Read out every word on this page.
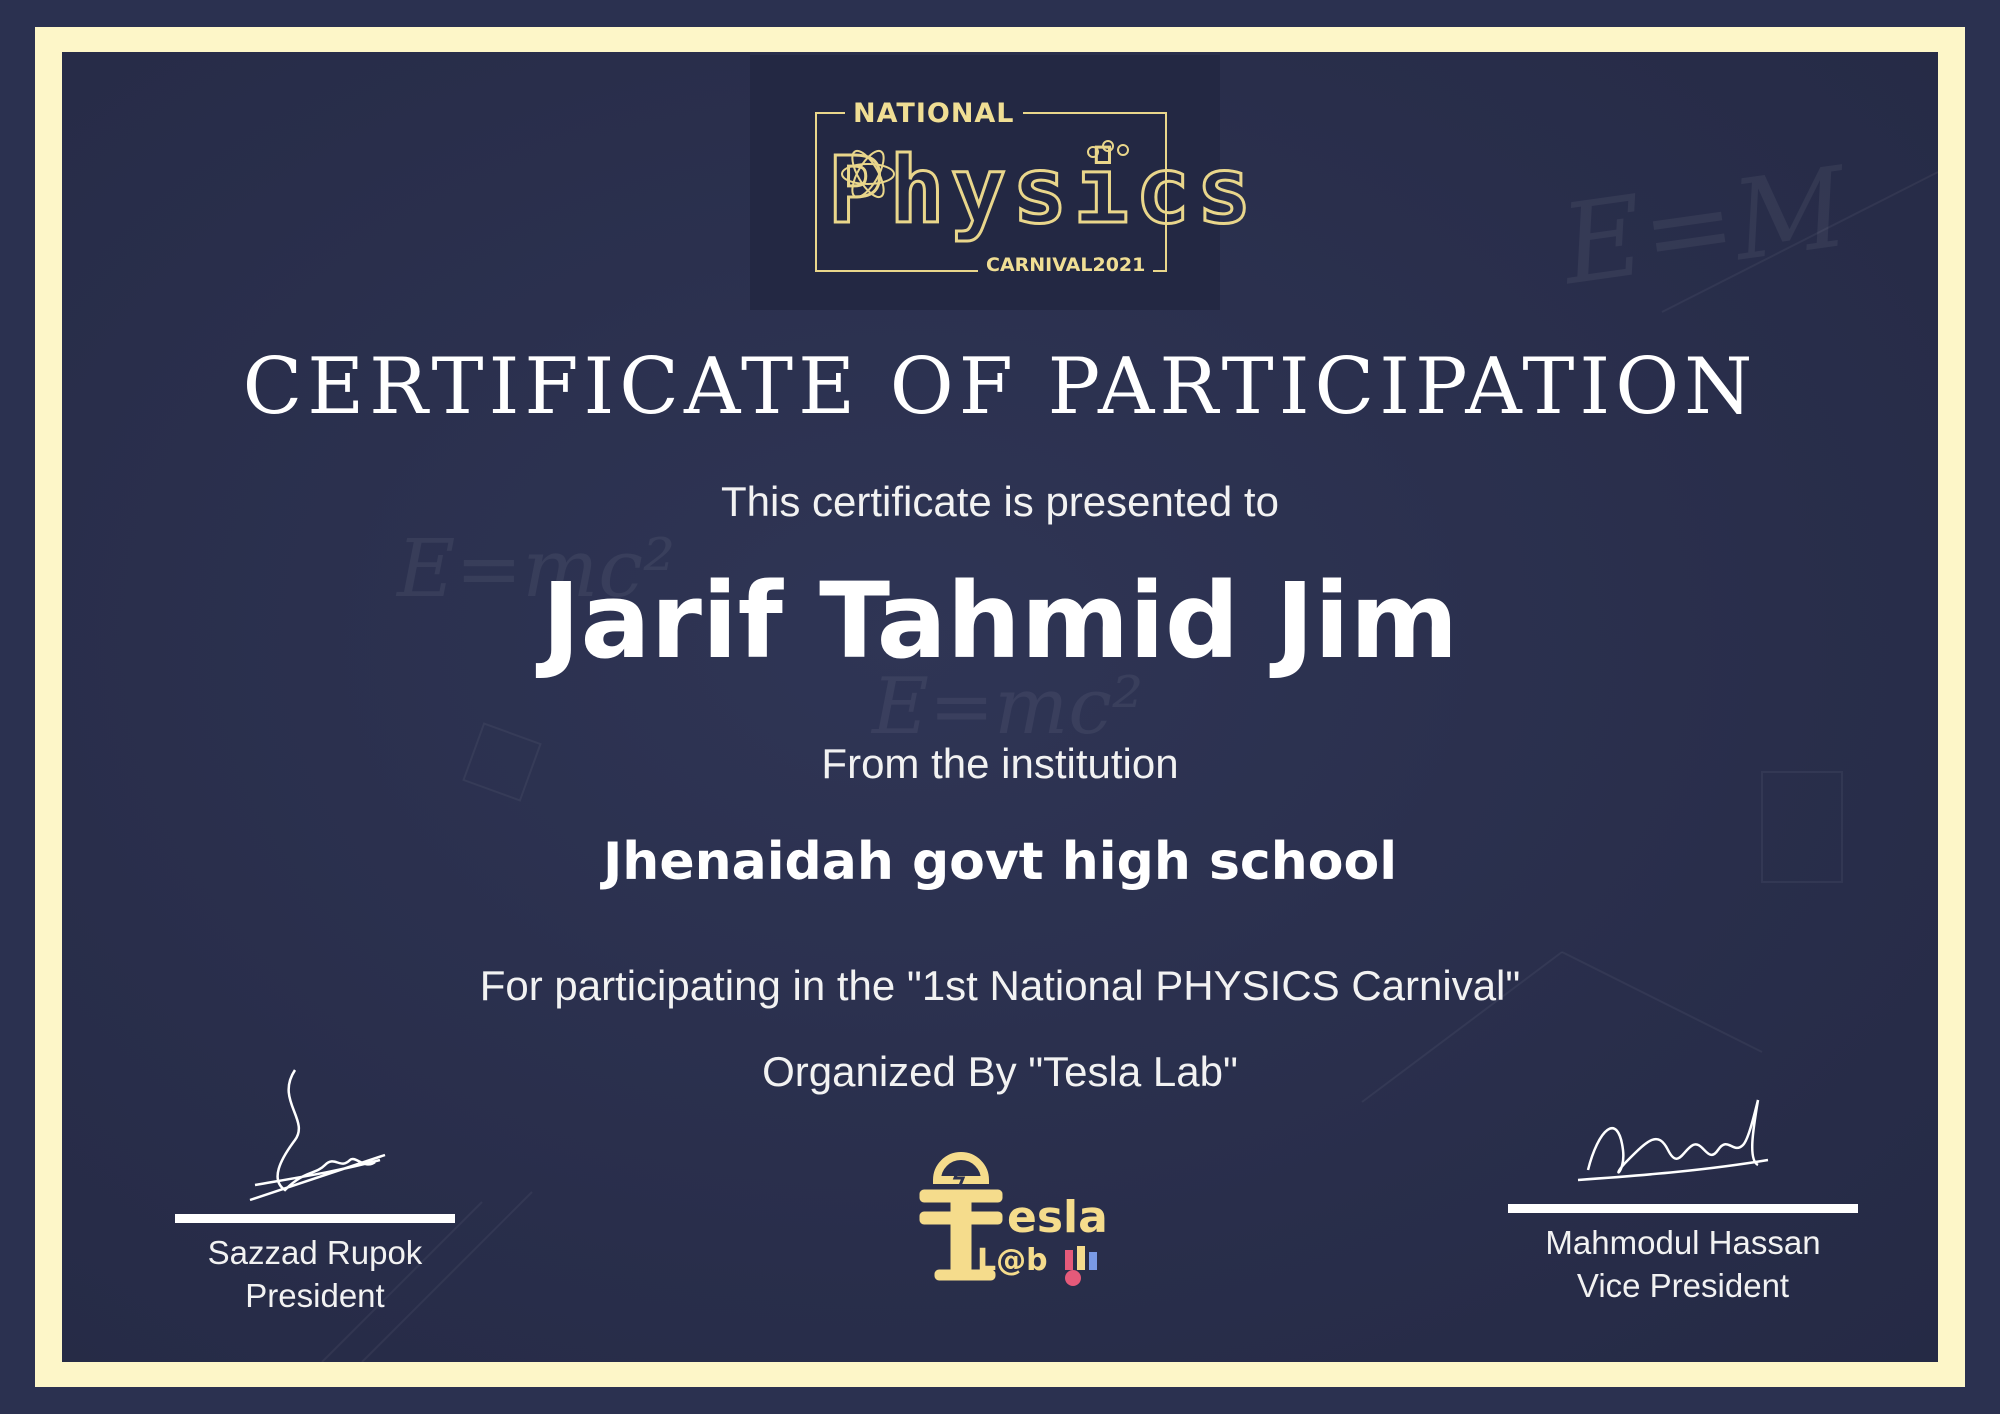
E=mc²
E=mc²
E=M
Physics
NATIONAL
CARNIVAL2021
CERTIFICATE OF PARTICIPATION
This certificate is presented to
Jarif Tahmid Jim
From the institution
Jhenaidah govt high school
For participating in the "1st National PHYSICS Carnival"
Organized By "Tesla Lab"
Sazzad Rupok
President
Mahmodul Hassan
Vice President
esla
L@b
